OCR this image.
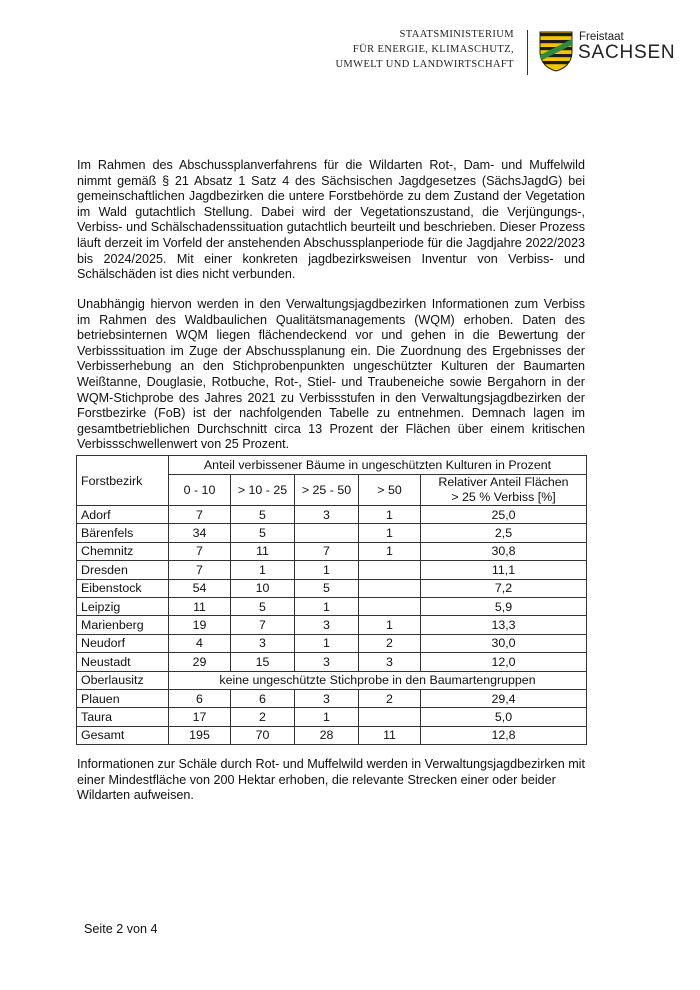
STAATSMINISTERIUM
FÜR ENERGIE, KLIMASCHUTZ,
UMWELT UND LANDWIRTSCHAFT
Freistaat
SACHSEN
Im Rahmen des Abschussplanverfahrens für die Wildarten Rot-, Dam- und Muffelwild nimmt gemäß § 21 Absatz 1 Satz 4 des Sächsischen Jagdgesetzes (SächsJagdG) bei gemeinschaftlichen Jagdbezirken die untere Forstbehörde zu dem Zustand der Vegetation im Wald gutachtlich Stellung. Dabei wird der Vegetationszustand, die Verjüngungs-, Verbiss- und Schälschadenssituation gutachtlich beurteilt und beschrieben. Dieser Prozess läuft derzeit im Vorfeld der anstehenden Abschussplanperiode für die Jagdjahre 2022/2023 bis 2024/2025. Mit einer konkreten jagdbezirksweisen Inventur von Verbiss- und Schälschäden ist dies nicht verbunden.
Unabhängig hiervon werden in den Verwaltungsjagdbezirken Informationen zum Verbiss im Rahmen des Waldbaulichen Qualitätsmanagements (WQM) erhoben. Daten des betriebsinternen WQM liegen flächendeckend vor und gehen in die Bewertung der Verbisssituation im Zuge der Abschussplanung ein. Die Zuordnung des Ergebnisses der Verbisserhebung an den Stichprobenpunkten ungeschützter Kulturen der Baumarten Weißtanne, Douglasie, Rotbuche, Rot-, Stiel- und Traubeneiche sowie Bergahorn in der WQM-Stichprobe des Jahres 2021 zu Verbissstufen in den Verwaltungsjagdbezirken der Forstbezirke (FoB) ist der nachfolgenden Tabelle zu entnehmen. Demnach lagen im gesamtbetrieblichen Durchschnitt circa 13 Prozent der Flächen über einem kritischen Verbissschwellenwert von 25 Prozent.
Forstbezirk	Anteil verbissener Bäume in ungeschützten Kulturen in Prozent				
	0 - 10	> 10 - 25	> 25 - 50	> 50	Relativer Anteil Flächen
> 25 % Verbiss [%]

Adorf	7	5	3	1	25,0
Bärenfels	34	5		1	2,5
Chemnitz	7	11	7	1	30,8
Dresden	7	1	1		11,1
Eibenstock	54	10	5		7,2
Leipzig	11	5	1		5,9
Marienberg	19	7	3	1	13,3
Neudorf	4	3	1	2	30,0
Neustadt	29	15	3	3	12,0
Oberlausitz	keine ungeschützte Stichprobe in den Baumartengruppen				
Plauen	6	6	3	2	29,4
Taura	17	2	1		5,0
Gesamt	195	70	28	11	12,8
Informationen zur Schäle durch Rot- und Muffelwild werden in Verwaltungsjagdbezirken mit einer Mindestfläche von 200 Hektar erhoben, die relevante Strecken einer oder beider Wildarten aufweisen.
Seite 2 von 4
